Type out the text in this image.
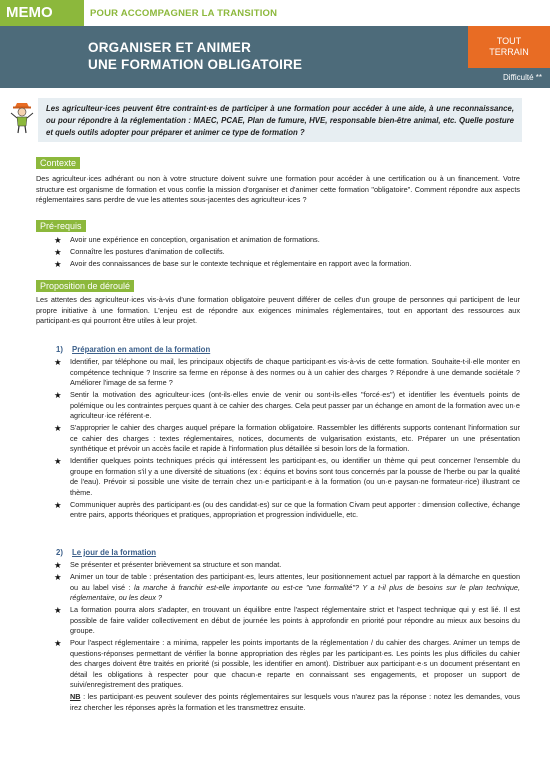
MEMO	POUR ACCOMPAGNER LA TRANSITION
ORGANISER ET ANIMER
UNE FORMATION OBLIGATOIRE
TOUT
TERRAIN
Difficulté **
Les agriculteur·ices peuvent être contraint·es de participer à une formation pour accéder à une aide, à une reconnaissance, ou pour répondre à la réglementation : MAEC, PCAE, Plan de fumure, HVE, responsable bien-être animal, etc. Quelle posture et quels outils adopter pour préparer et animer ce type de formation ?
Contexte
Des agriculteur·ices adhérant ou non à votre structure doivent suivre une formation pour accéder à une certification ou à un financement. Votre structure est organisme de formation et vous confie la mission d'organiser et d'animer cette formation "obligatoire". Comment répondre aux aspects réglementaires sans perdre de vue les attentes sous-jacentes des agriculteur·ices ?
Pré-requis
★ Avoir une expérience en conception, organisation et animation de formations.
★ Connaître les postures d'animation de collectifs.
★ Avoir des connaissances de base sur le contexte technique et réglementaire en rapport avec la formation.
Proposition de déroulé
Les attentes des agriculteur·ices vis-à-vis d'une formation obligatoire peuvent différer de celles d'un groupe de personnes qui participent de leur propre initiative à une formation. L'enjeu est de répondre aux exigences minimales réglementaires, tout en apportant des ressources aux participant·es qui pourront être utiles à leur projet.
1) Préparation en amont de la formation
★ Identifier, par téléphone ou mail, les principaux objectifs de chaque participant·es vis-à-vis de cette formation. Souhaite-t-il·elle monter en compétence technique ? Inscrire sa ferme en réponse à des normes ou à un cahier des charges ? Répondre à une demande sociétale ? Améliorer l'image de sa ferme ?
★ Sentir la motivation des agriculteur·ices (ont-ils·elles envie de venir ou sont-ils·elles "forcé·es") et identifier les éventuels points de polémique ou les contraintes perçues quant à ce cahier des charges. Cela peut passer par un échange en amont de la formation avec un·e agriculteur·ice référent·e.
★ S'approprier le cahier des charges auquel prépare la formation obligatoire. Rassembler les différents supports contenant l'information sur ce cahier des charges : textes réglementaires, notices, documents de vulgarisation existants, etc. Préparer un une présentation synthétique et prévoir un accès facile et rapide à l'information plus détaillée si besoin lors de la formation.
★ Identifier quelques points techniques précis qui intéressent les participant·es, ou identifier un thème qui peut concerner l'ensemble du groupe en formation s'il y a une diversité de situations (ex : équins et bovins sont tous concernés par la pousse de l'herbe ou par la qualité de l'eau). Prévoir si possible une visite de terrain chez un·e participant·e à la formation (ou un·e paysan·ne formateur·rice) illustrant ce thème.
★ Communiquer auprès des participant·es (ou des candidat·es) sur ce que la formation Civam peut apporter : dimension collective, échange entre pairs, apports théoriques et pratiques, appropriation et progression individuelle, etc.
2) Le jour de la formation
★ Se présenter et présenter brièvement sa structure et son mandat.
★ Animer un tour de table : présentation des participant·es, leurs attentes, leur positionnement actuel par rapport à la démarche en question ou au label visé : la marche à franchir est-elle importante ou est-ce "une formalité"? Y a t-il plus de besoins sur le plan technique, réglementaire, ou les deux ?
★ La formation pourra alors s'adapter, en trouvant un équilibre entre l'aspect réglementaire strict et l'aspect technique qui y est lié. Il est possible de faire valider collectivement en début de journée les points à approfondir en priorité pour répondre au mieux aux besoins du groupe.
★ Pour l'aspect réglementaire : a minima, rappeler les points importants de la réglementation / du cahier des charges. Animer un temps de questions-réponses permettant de vérifier la bonne appropriation des règles par les participant·es. Les points les plus difficiles du cahier des charges doivent être traités en priorité (si possible, les identifier en amont). Distribuer aux participant·e·s un document présentant en détail les obligations à respecter pour que chacun·e reparte en connaissant ses engagements, et proposer un support de suivi/enregistrement des pratiques.
NB : les participant·es peuvent soulever des points réglementaires sur lesquels vous n'aurez pas la réponse : notez les demandes, vous irez chercher les réponses après la formation et les transmettrez ensuite.
